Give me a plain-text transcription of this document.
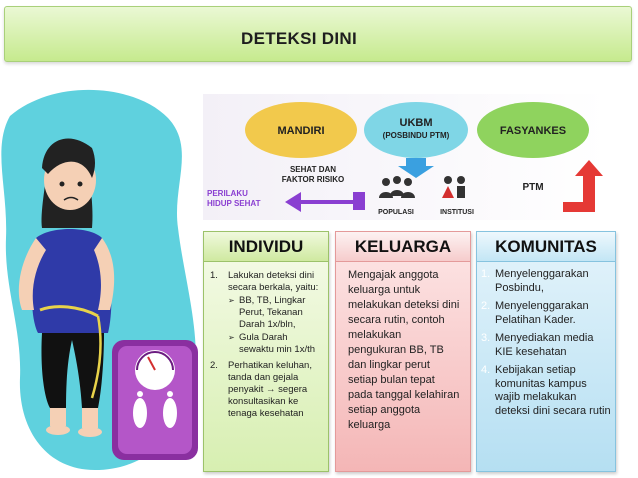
DETEKSI DINI
MANDIRI
UKBM
(POSBINDU PTM)	FASYANKES
SEHAT DAN
FAKTOR RISIKO
PERILAKU
HIDUP SEHAT
POPULASI	INSTITUSI
PTM
INDIVIDU
1. Lakukan deteksi dini secara berkala, yaitu:
➢ BB, TB, Lingkar Perut, Tekanan Darah 1x/bln,
➢ Gula Darah sewaktu min 1x/th
2. Perhatikan keluhan, tanda dan gejala penyakit → segera konsultasikan ke tenaga kesehatan
KELUARGA
Mengajak anggota keluarga untuk melakukan deteksi dini secara rutin, contoh melakukan pengukuran BB, TB dan lingkar perut setiap bulan tepat pada tanggal kelahiran setiap anggota keluarga
KOMUNITAS
1. Menyelenggarakan Posbindu,
2. Menyelenggarakan Pelatihan Kader.
3. Menyediakan media KIE kesehatan
4. Kebijakan setiap komunitas kampus wajib melakukan deteksi dini secara rutin
